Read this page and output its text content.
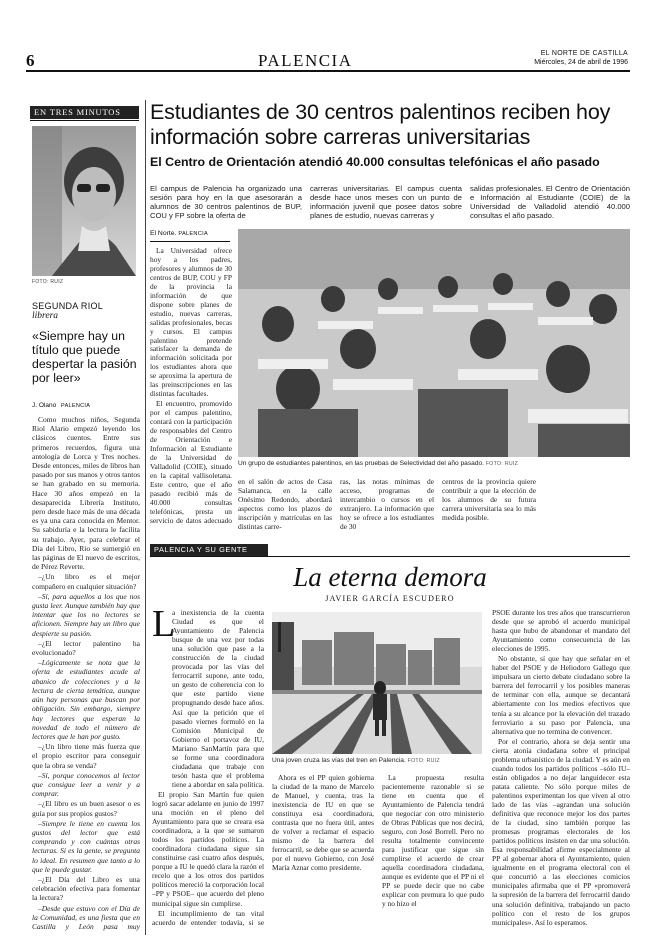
6	PALENCIA	EL NORTE DE CASTILLA
Miércoles, 24 de abril de 1996
EN TRES MINUTOS
FOTO: RUIZ
SEGUNDA RIOL
librera
«Siempre hay un título que puede despertar la pasión por leer»
J. Olano PALENCIA

Como muchos niños, Segunda Riol Alario empezó leyendo los clásicos cuentos. Entre sus primeros recuerdos, figura una antología de Lorca y Tres noches. Desde entonces, miles de libros han pasado por sus manos y otros tantos se han grabado en su memoria. Hace 30 años empezó en la desaparecida Librería Instituto, pero desde hace más de una década es ya una cara conocida en Mentor. Su sabiduría e la lectura le facilita su trabajo. Ayer, para celebrar el Día del Libro, Rio se sumergió en las páginas de El nuevo de escritos, de Pérez Reverte.

–¿Un libro es el mejor compañero en cualquier situación?

–Sí, para aquellos a los que nos gusta leer. Aunque también hay que intentar que los no lectores se aficionen. Siempre hay un libro que despierte su pasión.

–¿El lector palentino ha evolucionado?

–Lógicamente se nota que la oferta de estudiantes acude al abanico de colecciones y a la lectura de cierta temática, aunque aún hay personas que buscan por obligación. Sin embargo, siempre hay lectores que esperan la novedad de todo el número de lectores que le han por gusto.

–¿Un libro tiene más fuerza que el propio escritor para conseguir que la obra se venda?

–Sí, porque conocemos al lector que consigue leer a venir y a comprar.

–¿El libro es un buen asesor o es guía por sus propios gustos?

–Siempre le tiene en cuenta los gustos del lector que está comprando y con cuántas otras lecturas. Si es la gente, se pregunta lo ideal. En resumen que tanto a lo que le puede gustar.

–¿El Día del Libro es una celebración efectiva para fomentar la lectura?

–Desde que estuvo con el Día de la Comunidad, es una fiesta que en Castilla y León pasa muy

Estudiantes de 30 centros palentinos reciben hoy información sobre carreras universitarias
El Centro de Orientación atendió 40.000 consultas telefónicas el año pasado
El campus de Palencia ha organizado una sesión para hoy en la que asesorarán a alumnos de 30 centros palentinos de BUP, COU y FP sobre la oferta de
carreras universitarias. El campus cuenta desde hace unos meses con un punto de información juvenil que posee datos sobre planes de estudio, nuevas carreras y
salidas profesionales. El Centro de Orientación e Información al Estudiante (COIE) de la Universidad de Valladolid atendió 40.000 consultas el año pasado.
El Norte. PALENCIA

La Universidad ofrece hoy a los padres, profesores y alumnos de 30 centros de BUP, COU y FP de la provincia la información de que dispone sobre planes de estudio, nuevas carreras, salidas profesionales, becas y cursos. El campus palentino pretende satisfacer la demanda de información solicitada por los estudiantes ahora que se aproxima la apertura de las preinscripciones en las distintas facultades.

El encuentro, promovido por el campus palentino, contará con la participación de responsables del Centro de Orientación e Información al Estudiante de la Universidad de Valladolid (COIE), situado en la capital vallisoletana. Este centro, que el año pasado recibió más de 40.000 consultas telefónicas, presta un servicio de datos adecuado

Un grupo de estudiantes palentinos, en las pruebas de Selectividad del año pasado. FOTO: RUIZ
en el salón de actos de Casa Salamanca, en la calle Onésimo Redondo, abordará aspectos como los plazos de inscripción y matrículas en las distintas carre-
ras, las notas mínimas de acceso, programas de intercambio o cursos en el extranjero. La información que hoy se ofrece a los estudiantes de 30
centros de la provincia quiere contribuir a que la elección de los alumnos de su futura carrera universitaria sea lo más medida posible.
PALENCIA Y SU GENTE
La eterna demora
JAVIER GARCÍA ESCUDERO
L

a inexistencia de la cuenta Ciudad es que el Ayuntamiento de Palencia busque de una vez por todas una solución que pase a la construcción de la ciudad provocada por las vías del ferrocarril supone, ante todo, un gesto de coherencia con lo que este partido viene propugnando desde hace años. Así que la petición que el pasado viernes formuló en la Comisión Municipal de Gobierno el portavoz de IU, Mariano SanMartín para que se forme una coordinadora ciudadana que trabaje con tesón hasta que el problema tiene a abordar en sala política.

El propio San Martín fue quien logró sacar adelante en junio de 1997 una moción en el pleno del Ayuntamiento para que se creara esa coordinadora, a la que se sumaron todos los partidos políticos. La coordinadora ciudadana sigue sin constituirse casi cuatro años después, porque a IU le quedó clara la razón el recelo que a los otros dos partidos políticos mereció la corporación local –PP y PSOE– que acuerdo del pleno municipal sigue sin cumplirse.

El incumplimiento de tan vital acuerdo de entender todavía, si se

Una joven cruza las vías del tren en Palencia. FOTO: RUIZ
Ahora es el PP quien gobierna la ciudad de la mano de Marcelo de Manuel, y cuenta, tras la inexistencia de IU en que se constituya esa coordinadora, contrasta que no fuera útil, antes de volver a reclamar el espacio mismo de la barrera del ferrocarril, se debe que se acuerda por el nuevo Gobierno, con José María Aznar como presidente.
La propuesta resulta pacientemente razonable si se tiene en cuenta que el Ayuntamiento de Palencia tendrá que negociar con otro ministerio de Obras Públicas que nos decirá, seguro, con José Borrell. Pero no resulta totalmente convincente para justificar que sigue sin cumplirse el acuerdo de crear aquella coordinadora ciudadana, aunque es evidente que el PP ni el PP se puede decir que no cabe explicar con premura lo que pudo y no hizo el

PSOE durante los tres años que transcurrieron desde que se aprobó el acuerdo municipal hasta que hubo de abandonar el mandato del Ayuntamiento como consecuencia de las elecciones de 1995.

No obstante, sí que hay que señalar en el haber del PSOE y de Heliodoro Gallego que impulsara un cierto debate ciudadano sobre la barrera del ferrocarril y los posibles maneras de terminar con ella, aunque se decantará abiertamente con los medios efectivos que tenía a su alcance por la elevación del trazado ferroviario a su paso por Palencia, una alternativa que no termina de convencer.

Por el contrario, ahora se deja sentir una cierta atonía ciudadana sobre el principal problema urbanístico de la ciudad. Y es aún en cuando todos los partidos políticos –sólo IU– están obligados a no dejar languidecer esta patata caliente. No sólo porque miles de palentinos experimentan los que viven al otro lado de las vías –agrandan una solución definitiva que reconoce mejor los dos partes de la ciudad, sino también porque las promesas programas electorales de los partidos políticos insisten en dar una solución. Esa responsabilidad afirme especialmente al PP al gobernar ahora el Ayuntamiento, quien igualmente en el programa electoral con el que concurrió a las elecciones comicios municipales afirmaba que el PP «promoverá la supresión de la barrera del ferrocarril dando una solución definitiva, trabajando un pacto político con el resto de los grupos municipales». Así lo esperamos.
